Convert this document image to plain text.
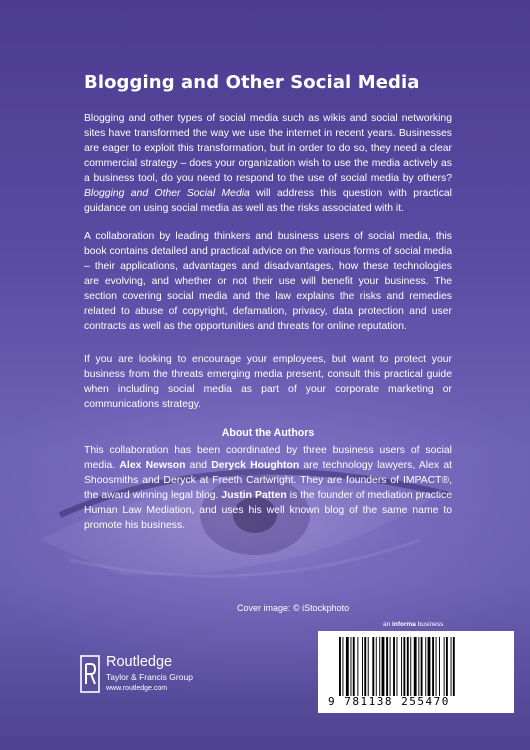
Blogging and Other Social Media

Blogging and other types of social media such as wikis and social networking sites have transformed the way we use the internet in recent years. Businesses are eager to exploit this transformation, but in order to do so, they need a clear commercial strategy – does your organization wish to use the media actively as a business tool, do you need to respond to the use of social media by others? Blogging and Other Social Media will address this question with practical guidance on using social media as well as the risks associated with it.

A collaboration by leading thinkers and business users of social media, this book contains detailed and practical advice on the various forms of social media – their applications, advantages and disadvantages, how these technologies are evolving, and whether or not their use will benefit your business. The section covering social media and the law explains the risks and remedies related to abuse of copyright, defamation, privacy, data protection and user contracts as well as the opportunities and threats for online reputation.

If you are looking to encourage your employees, but want to protect your business from the threats emerging media present, consult this practical guide when including social media as part of your corporate marketing or communications strategy.

About the Authors

This collaboration has been coordinated by three business users of social media. Alex Newson and Deryck Houghton are technology lawyers, Alex at Shoosmiths and Deryck at Freeth Cartwright. They are founders of IMPACT®, the award winning legal blog. Justin Patten is the founder of mediation practice Human Law Mediation, and uses his well known blog of the same name to promote his business.

Cover image: © iStockphoto
an informa business
9 781138 255470
Routledge
Taylor & Francis Group
www.routledge.com
